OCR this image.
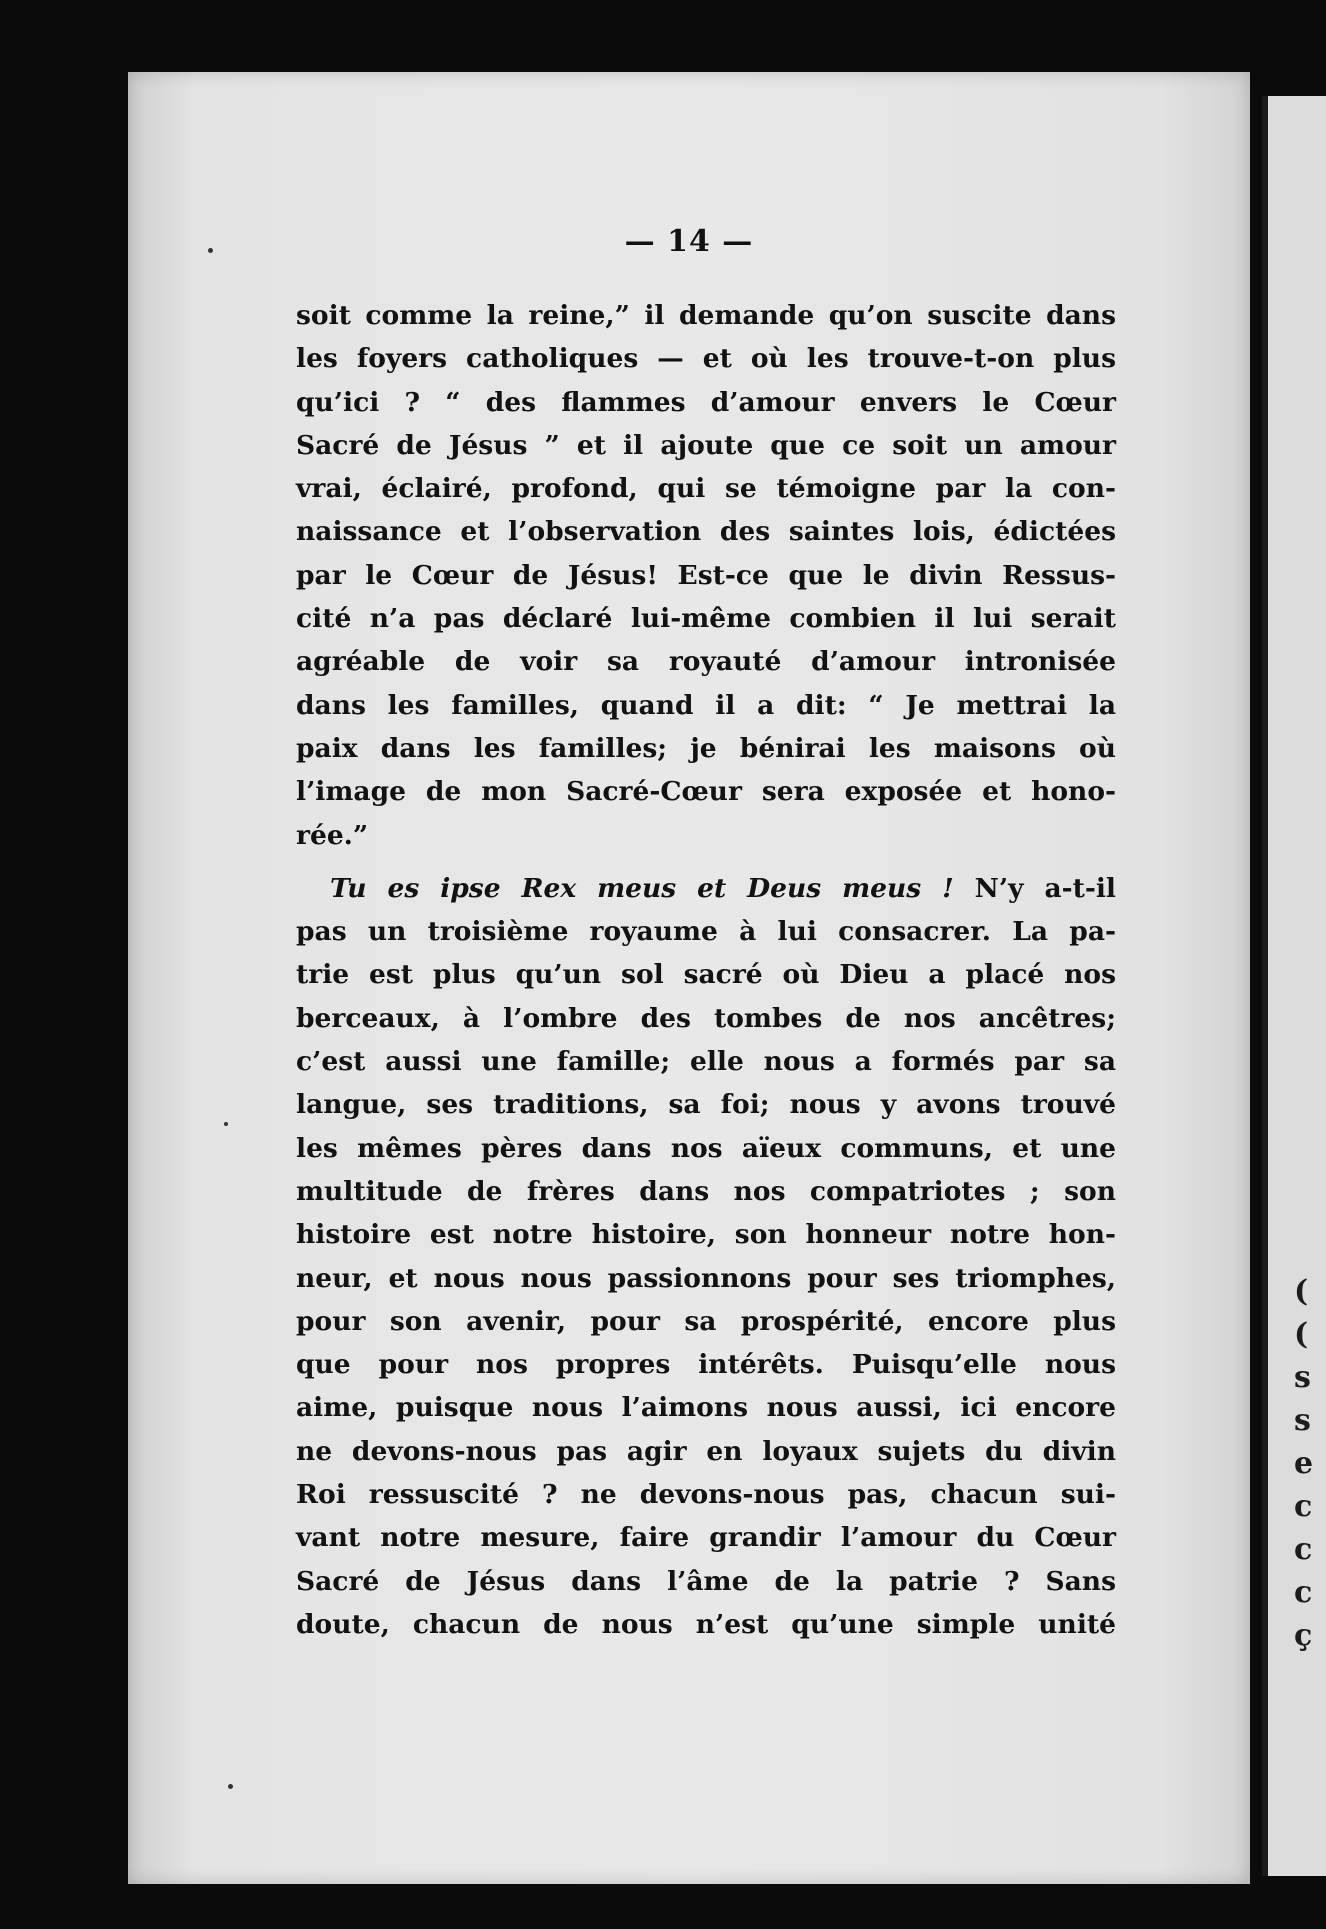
— 14 —
soit comme la reine,” il demande qu’on suscite dans
les foyers catholiques — et où les trouve-t-on plus
qu’ici ? “ des flammes d’amour envers le Cœur
Sacré de Jésus ” et il ajoute que ce soit un amour
vrai, éclairé, profond, qui se témoigne par la con-
naissance et l’observation des saintes lois, édictées
par le Cœur de Jésus! Est-ce que le divin Ressus-
cité n’a pas déclaré lui-même combien il lui serait
agréable de voir sa royauté d’amour intronisée
dans les familles, quand il a dit: “ Je mettrai la
paix dans les familles; je bénirai les maisons où
l’image de mon Sacré-Cœur sera exposée et hono-
rée.”
Tu es ipse Rex meus et Deus meus ! N’y a-t-il
pas un troisième royaume à lui consacrer. La pa-
trie est plus qu’un sol sacré où Dieu a placé nos
berceaux, à l’ombre des tombes de nos ancêtres;
c’est aussi une famille; elle nous a formés par sa
langue, ses traditions, sa foi; nous y avons trouvé
les mêmes pères dans nos aïeux communs, et une
multitude de frères dans nos compatriotes ; son
histoire est notre histoire, son honneur notre hon-
neur, et nous nous passionnons pour ses triomphes,
pour son avenir, pour sa prospérité, encore plus
que pour nos propres intérêts. Puisqu’elle nous
aime, puisque nous l’aimons nous aussi, ici encore
ne devons-nous pas agir en loyaux sujets du divin
Roi ressuscité ? ne devons-nous pas, chacun sui-
vant notre mesure, faire grandir l’amour du Cœur
Sacré de Jésus dans l’âme de la patrie ? Sans
doute, chacun de nous n’est qu’une simple unité
(
(
s
s
e
c
c
c
ç
